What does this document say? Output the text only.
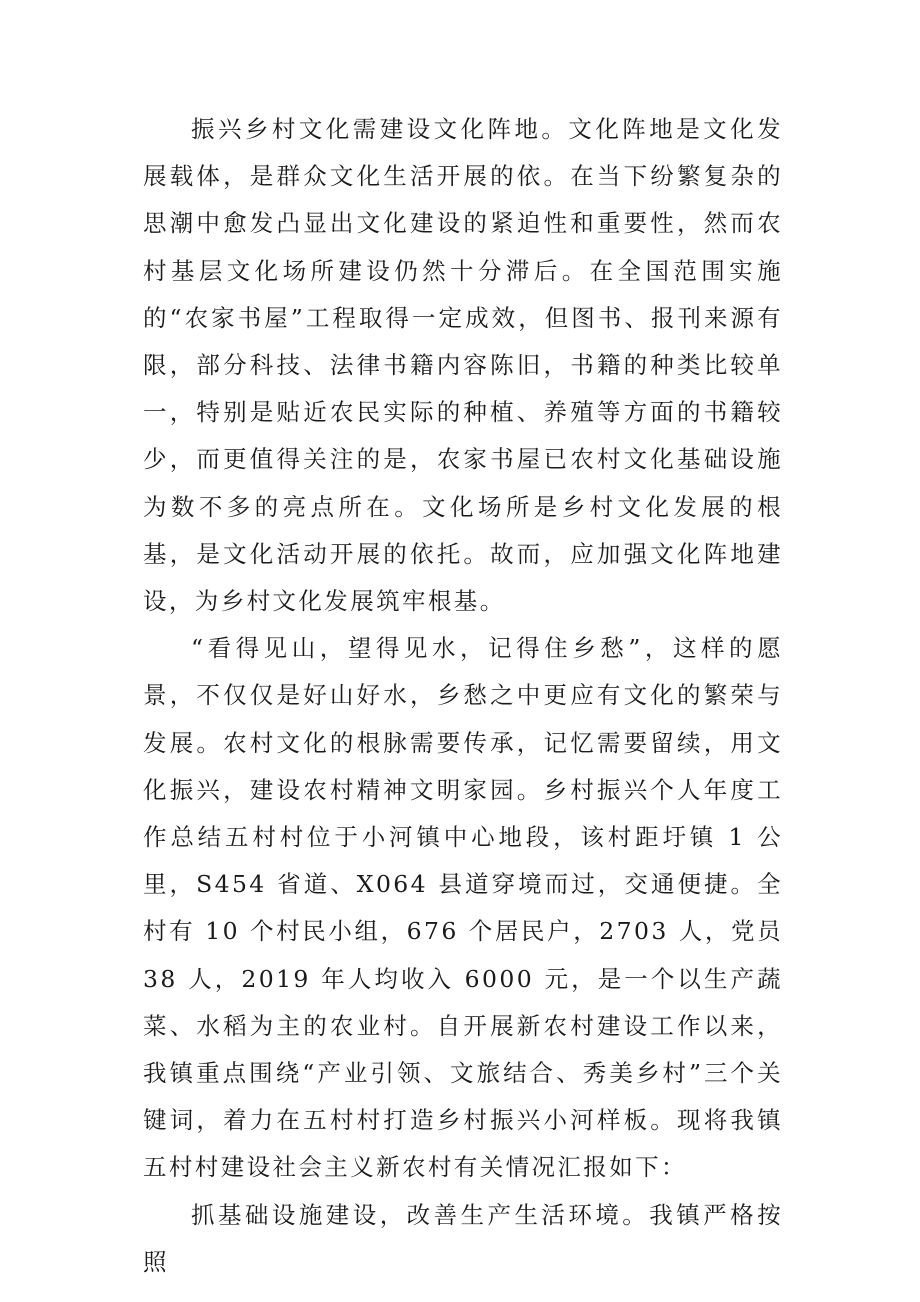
振兴乡村文化需建设文化阵地。文化阵地是文化发展载体，是群众文化生活开展的依。在当下纷繁复杂的思潮中愈发凸显出文化建设的紧迫性和重要性，然而农村基层文化场所建设仍然十分滞后。在全国范围实施的“农家书屋”工程取得一定成效，但图书、报刊来源有限，部分科技、法律书籍内容陈旧，书籍的种类比较单一，特别是贴近农民实际的种植、养殖等方面的书籍较少，而更值得关注的是，农家书屋已农村文化基础设施为数不多的亮点所在。文化场所是乡村文化发展的根基，是文化活动开展的依托。故而，应加强文化阵地建设，为乡村文化发展筑牢根基。

“看得见山，望得见水，记得住乡愁”，这样的愿景，不仅仅是好山好水，乡愁之中更应有文化的繁荣与发展。农村文化的根脉需要传承，记忆需要留续，用文化振兴，建设农村精神文明家园。乡村振兴个人年度工作总结五村村位于小河镇中心地段，该村距圩镇 1 公里，S454 省道、X064 县道穿境而过，交通便捷。全村有 10 个村民小组，676 个居民户，2703 人，党员 38 人，2019 年人均收入 6000 元，是一个以生产蔬菜、水稻为主的农业村。自开展新农村建设工作以来，我镇重点围绕“产业引领、文旅结合、秀美乡村”三个关键词，着力在五村村打造乡村振兴小河样板。现将我镇五村村建设社会主义新农村有关情况汇报如下：

抓基础设施建设，改善生产生活环境。我镇严格按照
